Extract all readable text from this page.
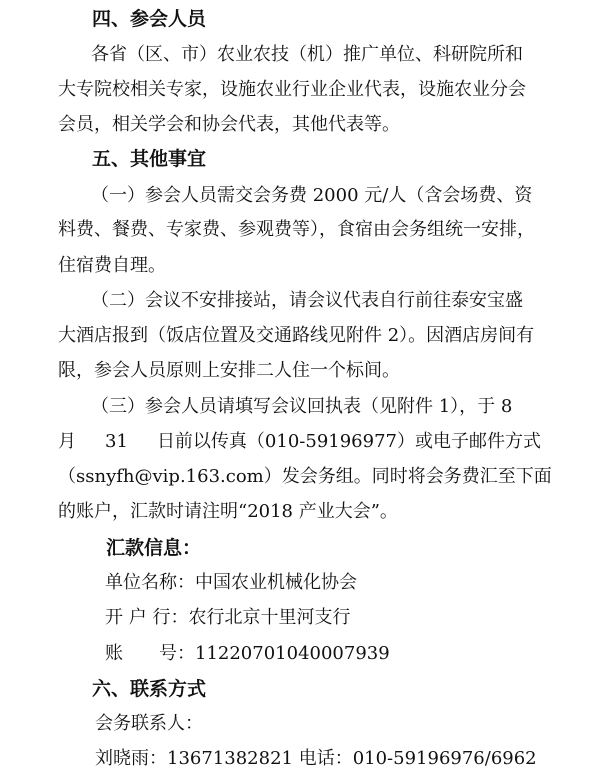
四、参会人员
各省（区、市）农业农技（机）推广单位、科研院所和
大专院校相关专家，设施农业行业企业代表，设施农业分会
会员，相关学会和协会代表，其他代表等。
五、其他事宜
（一）参会人员需交会务费 2000 元/人（含会场费、资
料费、餐费、专家费、参观费等），食宿由会务组统一安排，
住宿费自理。
（二）会议不安排接站，请会议代表自行前往泰安宝盛
大酒店报到（饭店位置及交通路线见附件 2）。因酒店房间有
限，参会人员原则上安排二人住一个标间。
（三）参会人员请填写会议回执表（见附件 1），于 8
月 31 日前以传真（010-59196977）或电子邮件方式
（ssnyfh@vip.163.com）发会务组。同时将会务费汇至下面
的账户，汇款时请注明“2018 产业大会”。
汇款信息：
单位名称：中国农业机械化协会
开 户 行：农行北京十里河支行
账　　号：11220701040007939
六、联系方式
会务联系人：
刘晓雨：13671382821 电话：010-59196976/6962
